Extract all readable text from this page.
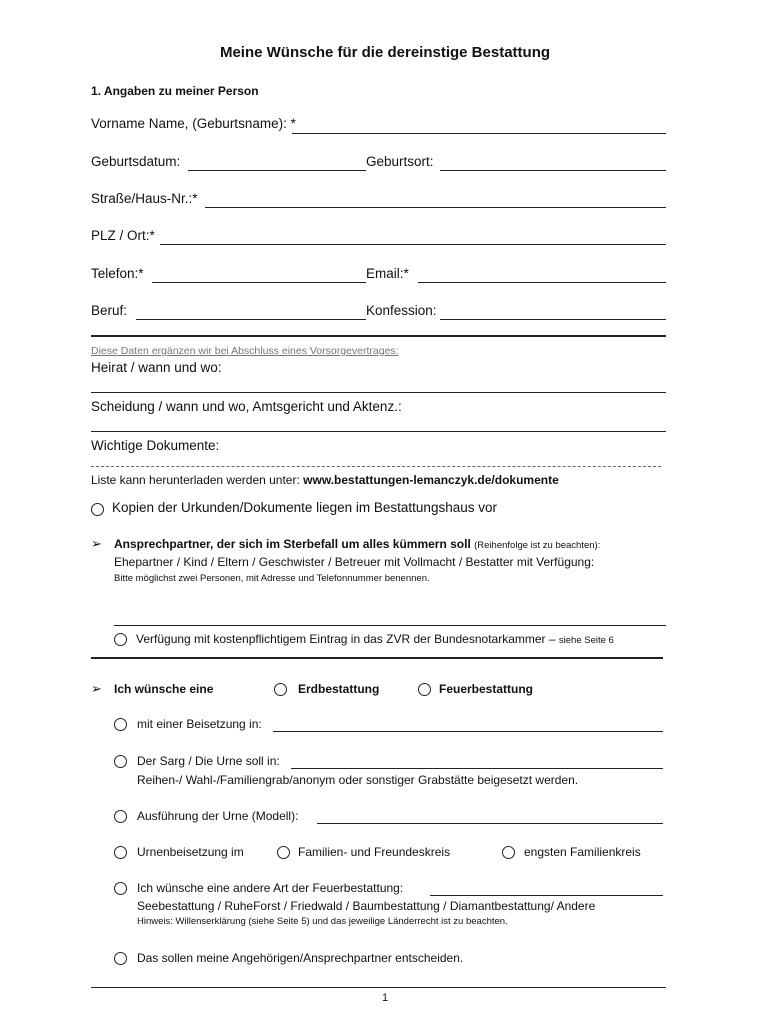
Meine Wünsche für die dereinstige Bestattung
1. Angaben zu meiner Person
Vorname Name, (Geburtsname): *
Geburtsdatum:	Geburtsort:
Straße/Haus-Nr.:*
PLZ / Ort:*
Telefon:*	Email:*
Beruf:	Konfession:
Diese Daten ergänzen wir bei Abschluss eines Vorsorgevertrages:
Heirat / wann und wo:
Scheidung / wann und wo, Amtsgericht und Aktenz.:
Wichtige Dokumente:
Liste kann herunterladen werden unter: www.bestattungen-lemanczyk.de/dokumente
Kopien der Urkunden/Dokumente liegen im Bestattungshaus vor
➢ Ansprechpartner, der sich im Sterbefall um alles kümmern soll (Reihenfolge ist zu beachten):
Ehepartner / Kind / Eltern / Geschwister / Betreuer mit Vollmacht / Bestatter mit Verfügung:
Bitte möglichst zwei Personen, mit Adresse und Telefonnummer benennen.
Verfügung mit kostenpflichtigem Eintrag in das ZVR der Bundesnotarkammer – siehe Seite 6
➢ Ich wünsche eine	Erdbestattung	Feuerbestattung
mit einer Beisetzung in:
Der Sarg / Die Urne soll in:
Reihen-/ Wahl-/Familiengrab/anonym oder sonstiger Grabstätte beigesetzt werden.
Ausführung der Urne (Modell):
Urnenbeisetzung im	Familien- und Freundeskreis	engsten Familienkreis
Ich wünsche eine andere Art der Feuerbestattung:
Seebestattung / RuheForst / Friedwald / Baumbestattung / Diamantbestattung/ Andere
Hinweis: Willenserklärung (siehe Seite 5) und das jeweilige Länderrecht ist zu beachten.
Das sollen meine Angehörigen/Ansprechpartner entscheiden.
1
